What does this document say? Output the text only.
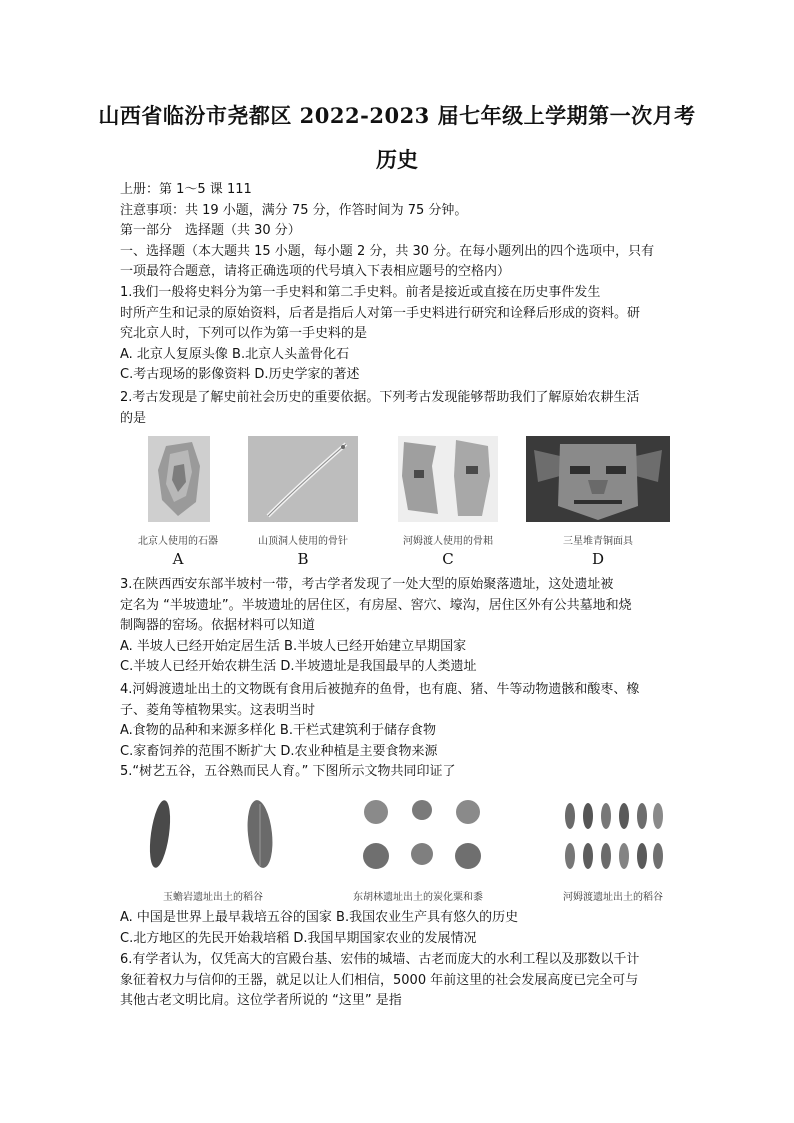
山西省临汾市尧都区 2022-2023 届七年级上学期第一次月考
历史
上册：第 1～5 课 111
注意事项：共 19 小题，满分 75 分，作答时间为 75 分钟。
第一部分　选择题（共 30 分）
一、选择题（本大题共 15 小题，每小题 2 分，共 30 分。在每小题列出的四个选项中，只有
一项最符合题意，请将正确选项的代号填入下表相应题号的空格内）
1.我们一般将史料分为第一手史料和第二手史料。前者是接近或直接在历史事件发生
时所产生和记录的原始资料，后者是指后人对第一手史料进行研究和诠释后形成的资料。研
究北京人时，下列可以作为第一手史料的是
A. 北京人复原头像 B.北京人头盖骨化石
C.考古现场的影像资料 D.历史学家的著述
2.考古发现是了解史前社会历史的重要依据。下列考古发现能够帮助我们了解原始农耕生活
的是
北京人使用的石器	山顶洞人使用的骨针	河姆渡人使用的骨耜	三星堆青铜面具
A	B	C	D
3.在陕西西安东部半坡村一带，考古学者发现了一处大型的原始聚落遗址，这处遗址被
定名为 “半坡遗址”。半坡遗址的居住区，有房屋、窖穴、壕沟，居住区外有公共墓地和烧
制陶器的窑场。依据材料可以知道
A. 半坡人已经开始定居生活 B.半坡人已经开始建立早期国家
C.半坡人已经开始农耕生活 D.半坡遗址是我国最早的人类遗址
4.河姆渡遗址出土的文物既有食用后被抛弃的鱼骨，也有鹿、猪、牛等动物遗骸和酸枣、橡
子、菱角等植物果实。这表明当时
A.食物的品种和来源多样化 B.干栏式建筑利于储存食物
C.家畜饲养的范围不断扩大 D.农业种植是主要食物来源
5.“树艺五谷，五谷熟而民人育。” 下图所示文物共同印证了
玉蟾岩遗址出土的稻谷	东胡林遗址出土的炭化粟和黍	河姆渡遗址出土的稻谷
A. 中国是世界上最早栽培五谷的国家 B.我国农业生产具有悠久的历史
C.北方地区的先民开始栽培稻 D.我国早期国家农业的发展情况
6.有学者认为，仅凭高大的宫殿台基、宏伟的城墙、古老而庞大的水利工程以及那数以千计
象征着权力与信仰的王器，就足以让人们相信，5000 年前这里的社会发展高度已完全可与
其他古老文明比肩。这位学者所说的 “这里” 是指
